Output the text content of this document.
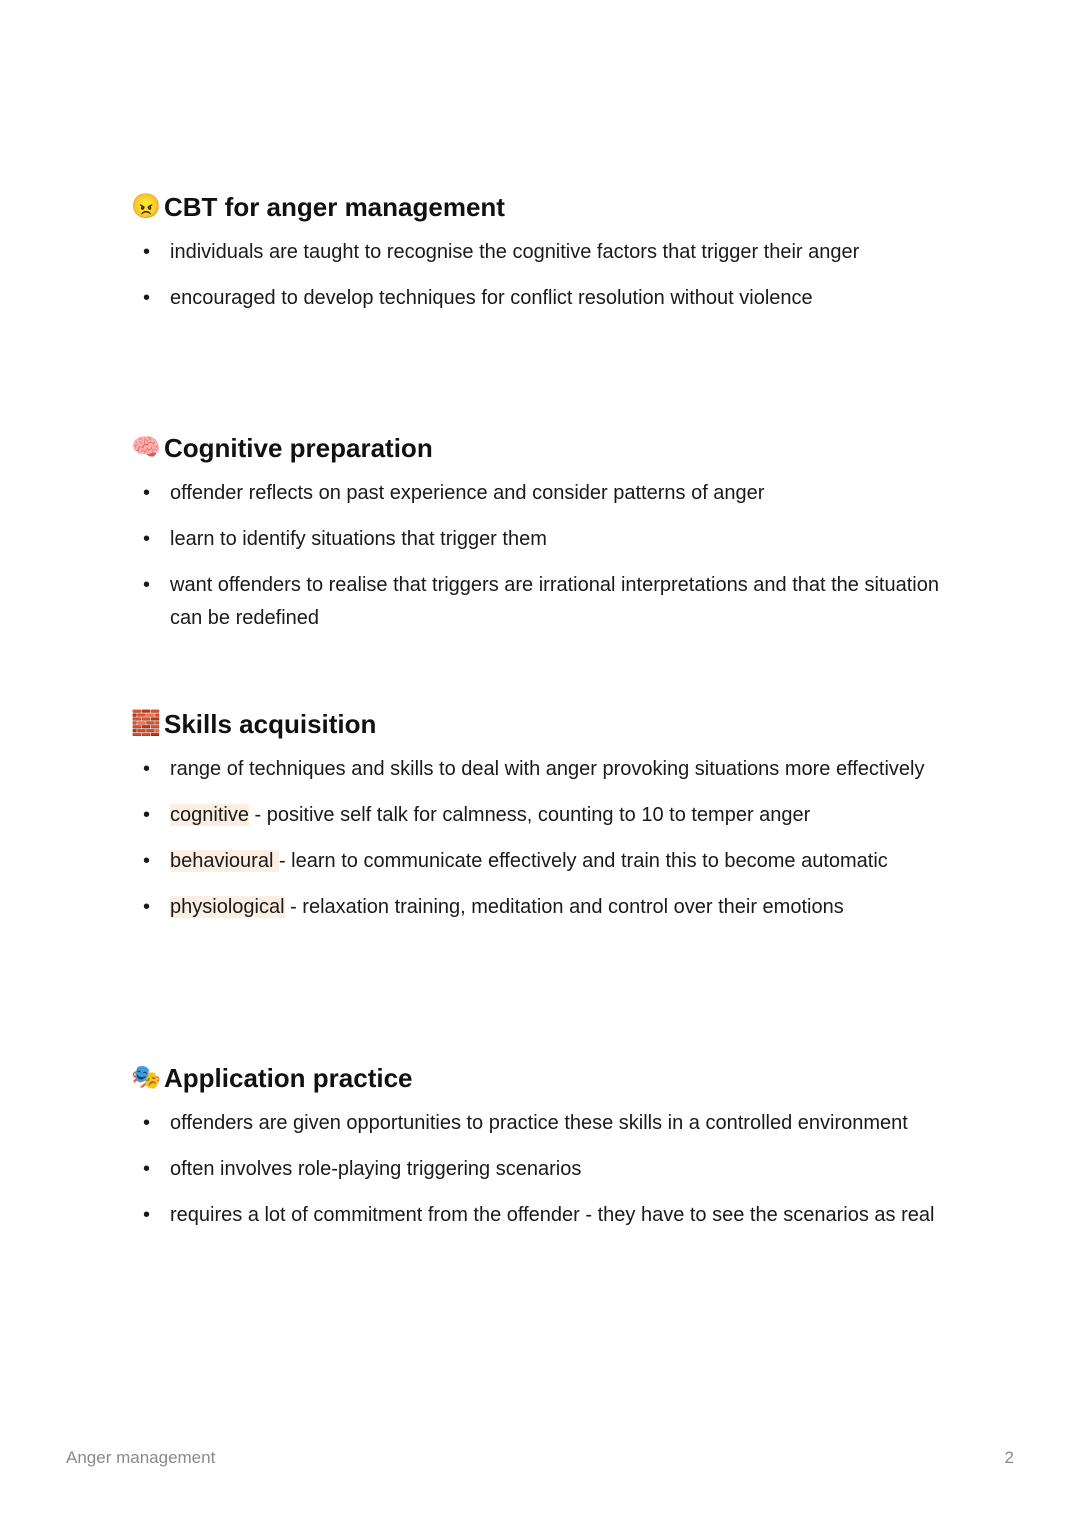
😠 CBT for anger management
• individuals are taught to recognise the cognitive factors that trigger their anger
• encouraged to develop techniques for conflict resolution without violence
🧠 Cognitive preparation
• offender reflects on past experience and consider patterns of anger
• learn to identify situations that trigger them
• want offenders to realise that triggers are irrational interpretations and that the situation can be redefined
🧱 Skills acquisition
• range of techniques and skills to deal with anger provoking situations more effectively
• cognitive - positive self talk for calmness, counting to 10 to temper anger
• behavioural - learn to communicate effectively and train this to become automatic
• physiological - relaxation training, meditation and control over their emotions
🎭 Application practice
• offenders are given opportunities to practice these skills in a controlled environment
• often involves role-playing triggering scenarios
• requires a lot of commitment from the offender - they have to see the scenarios as real
Anger management	2
